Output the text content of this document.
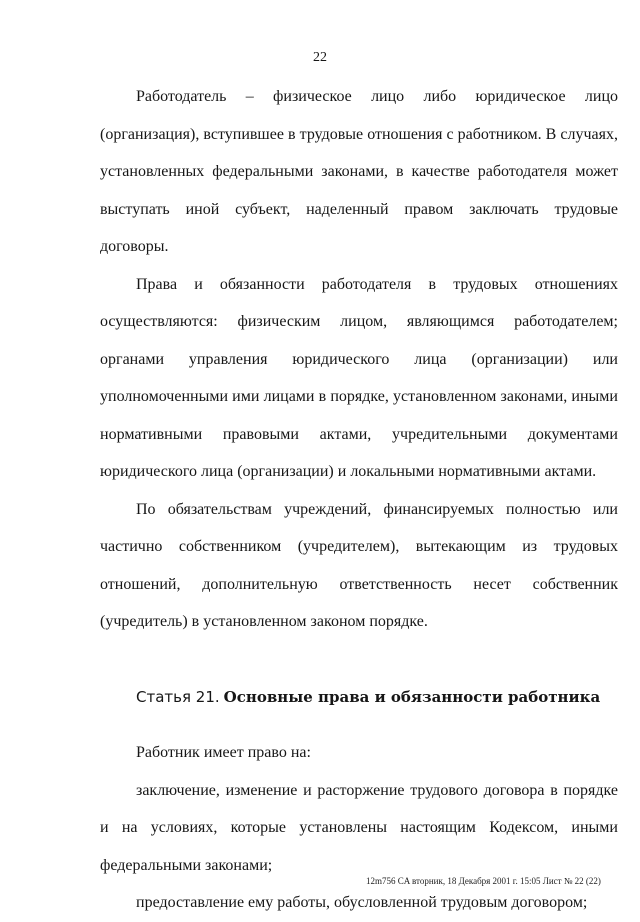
22

Работодатель – физическое лицо либо юридическое лицо (организация), вступившее в трудовые отношения с работником. В случаях, установленных федеральными законами, в качестве работодателя может выступать иной субъект, наделенный правом заключать трудовые договоры.

Права и обязанности работодателя в трудовых отношениях осуществляются: физическим лицом, являющимся работодателем; органами управления юридического лица (организации) или уполномоченными ими лицами в порядке, установленном законами, иными нормативными правовыми актами, учредительными документами юридического лица (организации) и локальными нормативными актами.

По обязательствам учреждений, финансируемых полностью или частично собственником (учредителем), вытекающим из трудовых отношений, дополнительную ответственность несет собственник (учредитель) в установленном законом порядке.

Статья 21. Основные права и обязанности работника

Работник имеет право на:

заключение, изменение и расторжение трудового договора в порядке и на условиях, которые установлены настоящим Кодексом, иными федеральными законами;

предоставление ему работы, обусловленной трудовым договором;

12m756 CA вторник, 18 Декабря 2001 г. 15:05 Лист № 22 (22)
